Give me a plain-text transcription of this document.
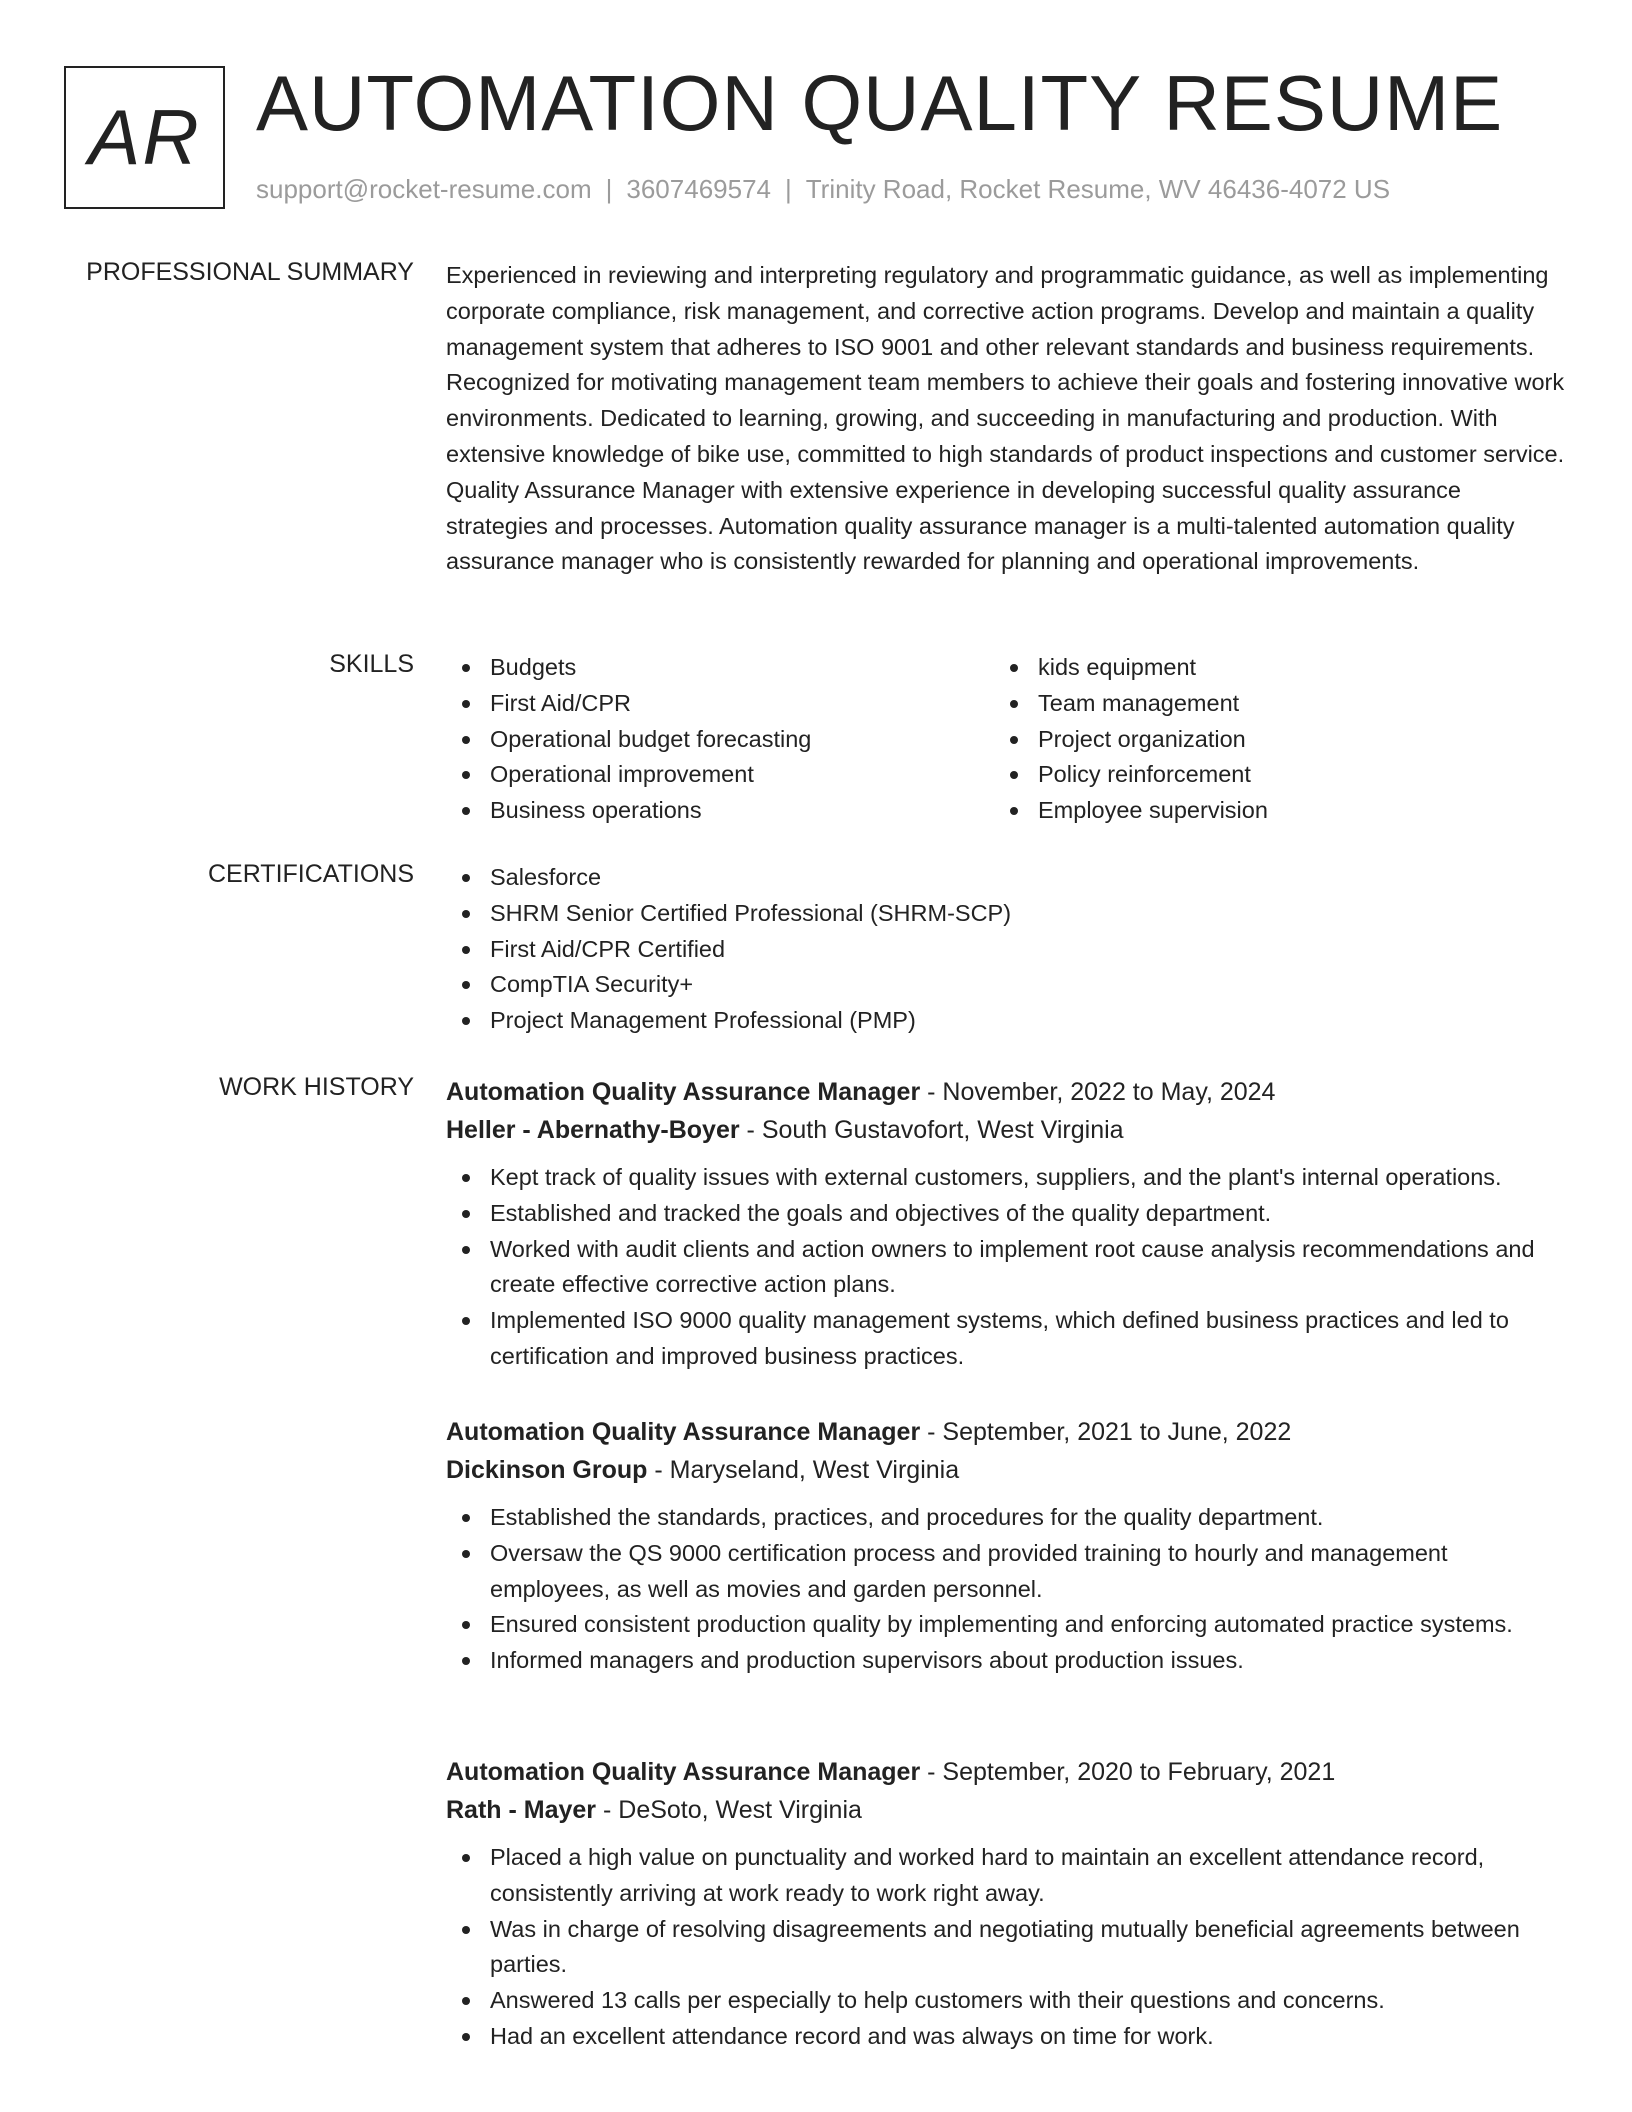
AR AUTOMATION QUALITY RESUME
support@rocket-resume.com | 3607469574 | Trinity Road, Rocket Resume, WV 46436-4072 US
PROFESSIONAL SUMMARY Experienced in reviewing and interpreting regulatory and programmatic guidance, as well as implementing corporate compliance, risk management, and corrective action programs. Develop and maintain a quality management system that adheres to ISO 9001 and other relevant standards and business requirements. Recognized for motivating management team members to achieve their goals and fostering innovative work environments. Dedicated to learning, growing, and succeeding in manufacturing and production. With extensive knowledge of bike use, committed to high standards of product inspections and customer service. Quality Assurance Manager with extensive experience in developing successful quality assurance strategies and processes. Automation quality assurance manager is a multi-talented automation quality assurance manager who is consistently rewarded for planning and operational improvements.
SKILLS	Budgets
First Aid/CPR
Operational budget forecasting
Operational improvement
Business operations
kids equipment
Team management
Project organization
Policy reinforcement
Employee supervision
CERTIFICATIONS	Salesforce
SHRM Senior Certified Professional (SHRM-SCP)
First Aid/CPR Certified
CompTIA Security+
Project Management Professional (PMP)
WORK HISTORY Automation Quality Assurance Manager - November, 2022 to May, 2024
Heller - Abernathy-Boyer - South Gustavofort, West Virginia
Kept track of quality issues with external customers, suppliers, and the plant's internal operations.
Established and tracked the goals and objectives of the quality department.
Worked with audit clients and action owners to implement root cause analysis recommendations and create effective corrective action plans.
Implemented ISO 9000 quality management systems, which defined business practices and led to certification and improved business practices.
Automation Quality Assurance Manager - September, 2021 to June, 2022
Dickinson Group - Maryseland, West Virginia
Established the standards, practices, and procedures for the quality department.
Oversaw the QS 9000 certification process and provided training to hourly and management employees, as well as movies and garden personnel.
Ensured consistent production quality by implementing and enforcing automated practice systems.
Informed managers and production supervisors about production issues.
Automation Quality Assurance Manager - September, 2020 to February, 2021
Rath - Mayer - DeSoto, West Virginia
Placed a high value on punctuality and worked hard to maintain an excellent attendance record, consistently arriving at work ready to work right away.
Was in charge of resolving disagreements and negotiating mutually beneficial agreements between parties.
Answered 13 calls per especially to help customers with their questions and concerns.
Had an excellent attendance record and was always on time for work.
